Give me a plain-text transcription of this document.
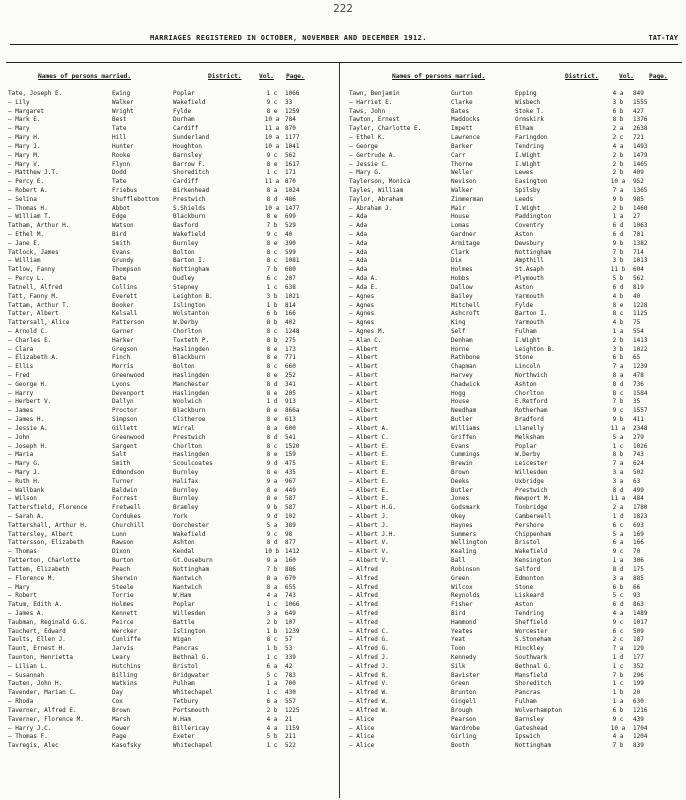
222
MARRIAGES REGISTERED IN OCTOBER, NOVEMBER AND DECEMBER 1912.	TAT-TAY
Names of persons married.	District.	Vol. Page.	Names of persons married.	District.	Vol. Page.
Tate, Joseph E.	Ewing	Poplar	1 c	1066
— Lily	Walker	Wakefield	9 c	33
— Margaret	Wright	Fylde	8 e	1259
— Mark E.	Best	Durham	10 a 784
— Mary	Tate	Cardiff	11 a 870
— Mary H.	Hill	Sunderland	10 a 1177
— Mary J.	Hunter	Houghton	10 a 1041
— Mary M.	Rooke	Barnsley	9 c	562
— Mary V.	Flynn	Barrow F.	8 e	1617
— Matthew J.T.	Dodd	Shoreditch	1 c	171
— Percy E.	Tate	Cardiff	11 a 870
— Robert A.	Friebus	Birkenhead	8 a	1024
— Selina	Shufflebottom	Prestwich	8 d	486
— Thomas H.	Abbot	S.Shields	10 a 1477
— William T.	Edge	Blackburn	8 e	699
Tatham, Arthur H.	Watson	Basford	7 b	529
— Ethel M.	Bird	Wakefield	9 c	40
— Jane E.	Smith	Burnley	8 e	390
Tatlock, James	Evans	Bolton	8 c	599
— William	Grundy	Barton I.	8 c	1081
Tatlow, Fanny	Thompson	Nottingham	7 b	680
— Percy L.	Bate	Dudley	6 c	207
Tatnell, Alfred	Collins	Stepney	1 c	638
Tatt, Fanny M.	Everett	Leighton B.	3 b	1021
Tattam, Arthur T.	Booker	Islington	1 b	814
Tatter, Albert	Kelsall	Wolstanton	6 b	166
Tattersall, Alice	Patterson	W.Derby	8 b	402
— Arnold C.	Garner	Chorlton	8 c	1248
— Charles E.	Harker	Toxteth P.	8 b	275
— Clara	Gregson	Haslingden	8 e	173
— Elizabeth A.	Finch	Blackburn	8 e	771
— Ellis	Morris	Bolton	8 c	660
— Fred	Greenwood	Haslingden	8 e	252
— George H.	Lyons	Manchester	8 d	341
— Harry	Devenport	Haslingden	8 e	205
— Herbert V.	Dallyn	Woolwich	1 d	913
— James	Proctor	Blackburn	8 e	866a
— James H.	Simpson	Clitheroe	8 e	613
— Jessie A.	Gillett	Wirral	8 a	600
— John	Greenwood	Prestwich	8 d	541
— Joseph H.	Sargent	Chorlton	8 c	1520
— Maria	Salt	Haslingden	8 e	159
— Mary G.	Smith	Scoulcoates	9 d	475
— Mary J.	Edmondson	Burnley	8 e	435
— Ruth H.	Turner	Halifax	9 a	967
— Wallbank	Baldwin	Burnley	8 e	449
— Wilson	Forrest	Burnley	8 e	587
Tattersfield, Florence	Fretwell	Bramley	9 b	587
— Sarah A.	Cordukes	York	9 d	102
Tattershall, Arthur H.	Churchill	Dorchester	5 a	389
Tattersley, Albert	Lunn	Wakefield	9 c	98
Tattersson, Elizabeth	Rawson	Ashton	8 d	877
— Thomas	Dixon	Kendal	10 b 1412
Tatterton, Charlotte	Burton	Gt.Ouseburn	9 a	160
Tattem, Elizabeth	Peach	Nottingham	7 b	886
— Florence M.	Sherwin	Nantwich	8 a	670
— Mary	Steele	Nantwich	8 a	655
— Robert	Torrie	W.Ham	4 a	743
Tatum, Edith A.	Holmes	Poplar	1 c	1066
— James A.	Kennett	Willesden	3 a	649
Taubman, Reginald G.G.	Peirce	Battle	2 b	107
Tauchert, Edward	Wercker	Islington	1 b	1239
Taults, Ellen J.	Cunliffe	Wigan	8 c	57
Taunt, Ernest H.	Jarvis	Pancras	1 b	53
Taunton, Henrietta	Leary	Bethnal G.	1 c	339
— Lilian L.	Hutchins	Bristol	6 a	42
— Susannah	Billing	Bridgwater	5 c	783
Tauten, John H.	Watkins	Pulham	1 a	700
Tavender, Marian C.	Day	Whitechapel	1 c	430
— Rhoda	Cox	Tetbury	6 a	557
Taverner, Alfred E.	Brown	Portsmouth	2 b	1225
Taverner, Florence M.	Marsh	W.Ham	4 a	21
— Harry J.C.	Gower	Billericay	4 a	1159
— Thomas F.	Page	Exeter	5 b	211
Tavregis, Alec	Kasofsky	Whitechapel	1 c	522
Tawn, Benjamin	Gurton	Epping	4 a	849
— Harriet E.	Clarke	Wisbech	3 b	1555
Taws, John	Bates	Stoke T.	6 b	427
Tawton, Ernest	Maddocks	Ormskirk	8 b	1376
Tayler, Charlotte E.	Impett	Elham	2 a	2638
— Ethel K.	Lawrence	Faringdon	2 c	721
— George	Barker	Tendring	4 a	1493
— Gertrude A.	Carr	I.Wight	2 b	1479
— Jessie C.	Thorne	I.Wight	2 b	1465
— Mary G.	Weller	Lewes	2 b	409
Taylerson, Monica	Nevison	Easington	10 a	952
Tayles, William	Walker	Spilsby	7 a	1365
Taylor, Abraham	Zimmerman	Leeds	9 b	985
— Abraham J.	Mair	I.Wight	2 b	1460
— Ada	House	Paddington	1 a	27
— Ada	Lomas	Coventry	6 d	1063
— Ada	Gardner	Aston	6 d	701
— Ada	Armitage	Dewsbury	9 b	1382
— Ada	Clark	Nottingham	7 b	714
— Ada	Dix	Ampthill	3 b	1013
— Ada	Holmes	St.Asaph	11 b	604
— Ada A.	Hobbs	Plymouth	5 b	562
— Ada E.	Dallow	Aston	6 d	819
— Agnes	Bailey	Yarmouth	4 b	40
— Agnes	Mitchell	Fylde	8 e	1228
— Agnes	Ashcroft	Barton I.	8 c	1125
— Agnes	King	Yarmouth	4 b	75
— Agnes M.	Self	Fulham	1 a	554
— Alan C.	Denham	I.Wight	2 b	1413
— Albert	Horne	Leighton B.	3 b	1022
— Albert	Rathbone	Stone	6 b	65
— Albert	Chapman	Lincoln	7 a	1239
— Albert	Harvey	Northwich	8 a	478
— Albert	Chadwick	Ashton	8 d	736
— Albert	Hogg	Chorlton	8 c	1584
— Albert	House	E.Retford	7 b	35
— Albert	Needham	Rotherham	9 c	1557
— Albert	Butler	Bradford	9 b	411
— Albert A.	Williams	Llanelly	11 a	2348
— Albert C.	Griffen	Melksham	5 a	279
— Albert E.	Evans	Poplar	1 c	1026
— Albert E.	Cummings	W.Derby	8 b	743
— Albert E.	Brewin	Leicester	7 a	624
— Albert E.	Brown	Willesden	3 a	502
— Albert E.	Deeks	Uxbridge	3 a	63
— Albert E.	Butler	Prestwich	8 d	499
— Albert E.	Jones	Newport M.	11 a	484
— Albert H.G.	Godsmark	Tonbridge	2 a	1780
— Albert J.	Okey	Camberwell	1 d	1823
— Albert J.	Haynes	Pershore	6 c	693
— Albert J.H.	Summers	Chippenham	5 a	169
— Albert V.	Wellington	Bristol	6 a	166
— Albert V.	Kealing	Wakefield	9 c	70
— Albert V.	Ball	Kensington	1 a	306
— Alfred	Robinson	Salford	8 d	175
— Alfred	Green	Edmonton	3 a	885
— Alfred	Wilcox	Stone	6 b	66
— Alfred	Reynolds	Liskeard	5 c	93
— Alfred	Fisher	Aston	6 d	863
— Alfred	Bird	Tendring	4 a	1489
— Alfred	Hammond	Sheffield	9 c	1017
— Alfred C.	Yeates	Worcester	6 c	509
— Alfred G.	Yeat	S.Stoneham	2 c	187
— Alfred G.	Toon	Hinckley	7 a	129
— Alfred J.	Kennedy	Southwark	1 d	177
— Alfred J.	Silk	Bethnal G.	1 c	352
— Alfred R.	Bavister	Mansfield	7 b	296
— Alfred V.	Green	Shoreditch	1 c	199
— Alfred W.	Brunton	Pancras	1 b	20
— Alfred W.	Gingell	Fulham	1 a	630
— Alfred W.	Brough	Wolverhampton	6 b	1216
— Alice	Pearson	Barnsley	9 c	439
— Alice	Wardrobe	Gateshead	10 a	1704
— Alice	Girling	Ipswich	4 a	1204
— Alice	Booth	Nottingham	7 b	839
